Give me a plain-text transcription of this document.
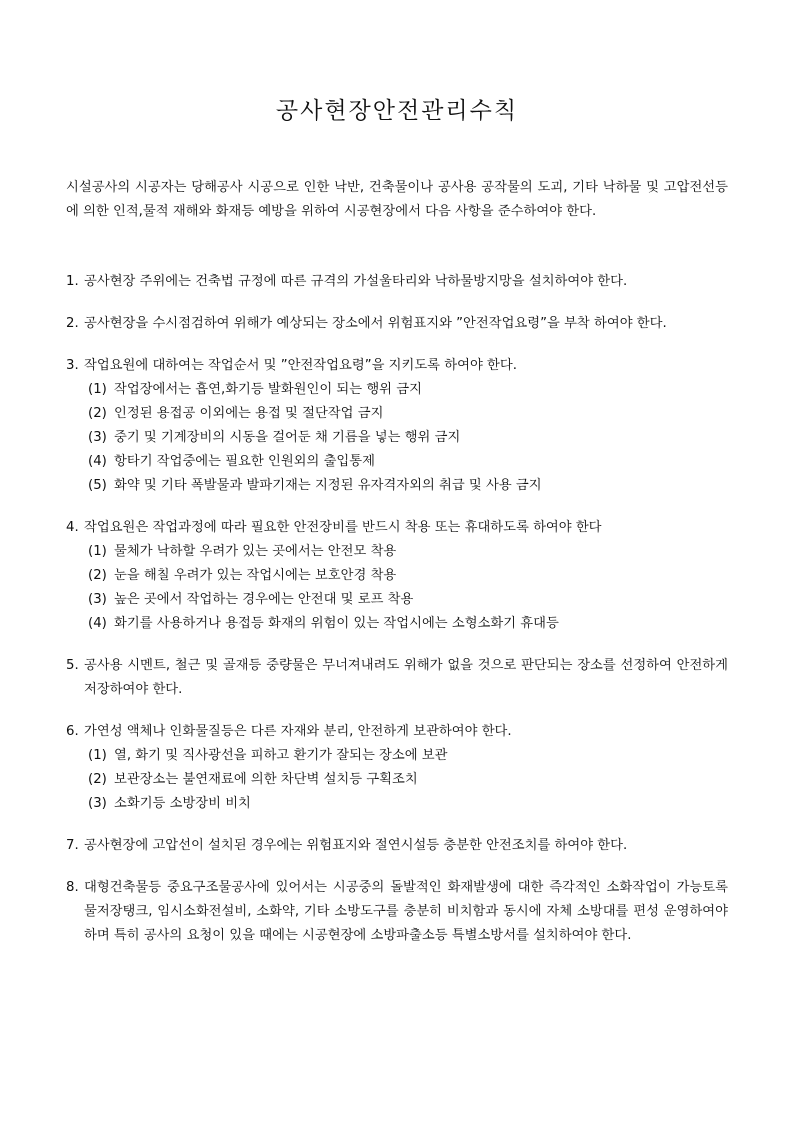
공사현장안전관리수칙

시설공사의 시공자는 당해공사 시공으로 인한 낙반, 건축물이나 공사용 공작물의 도괴, 기타 낙하물 및 고압전선등에 의한 인적,물적 재해와 화재등 예방을 위하여 시공현장에서 다음 사항을 준수하여야 한다.

1. 공사현장 주위에는 건축법 규정에 따른 규격의 가설울타리와 낙하물방지망을 설치하여야 한다.

2. 공사현장을 수시점검하여 위해가 예상되는 장소에서 위험표지와 ”안전작업요령”을 부착 하여야 한다.

3. 작업요원에 대하여는 작업순서 및 ”안전작업요령”을 지키도록 하여야 한다.

(1) 작업장에서는 흡연,화기등 발화원인이 되는 행위 금지

(2) 인정된 용접공 이외에는 용접 및 절단작업 금지

(3) 중기 및 기계장비의 시동을 걸어둔 채 기름을 넣는 행위 금지

(4) 항타기 작업중에는 필요한 인원외의 출입통제

(5) 화약 및 기타 폭발물과 발파기재는 지정된 유자격자외의 취급 및 사용 금지

4. 작업요원은 작업과정에 따라 필요한 안전장비를 반드시 착용 또는 휴대하도록 하여야 한다

(1) 물체가 낙하할 우려가 있는 곳에서는 안전모 착용

(2) 눈을 해칠 우려가 있는 작업시에는 보호안경 착용

(3) 높은 곳에서 작업하는 경우에는 안전대 및 로프 착용

(4) 화기를 사용하거나 용접등 화재의 위험이 있는 작업시에는 소형소화기 휴대등

5. 공사용 시멘트, 철근 및 골재등 중량물은 무너져내려도 위해가 없을 것으로 판단되는 장소를 선정하여 안전하게 저장하여야 한다.

6. 가연성 액체나 인화물질등은 다른 자재와 분리, 안전하게 보관하여야 한다.

(1) 열, 화기 및 직사광선을 피하고 환기가 잘되는 장소에 보관

(2) 보관장소는 불연재료에 의한 차단벽 설치등 구획조치

(3) 소화기등 소방장비 비치

7. 공사현장에 고압선이 설치된 경우에는 위험표지와 절연시설등 충분한 안전조치를 하여야 한다.

8. 대형건축물등 중요구조물공사에 있어서는 시공중의 돌발적인 화재발생에 대한 즉각적인 소화작업이 가능토록 물저장탱크, 임시소화전설비, 소화약, 기타 소방도구를 충분히 비치함과 동시에 자체 소방대를 편성 운영하여야 하며 특히 공사의 요청이 있을 때에는 시공현장에 소방파출소등 특별소방서를 설치하여야 한다.
